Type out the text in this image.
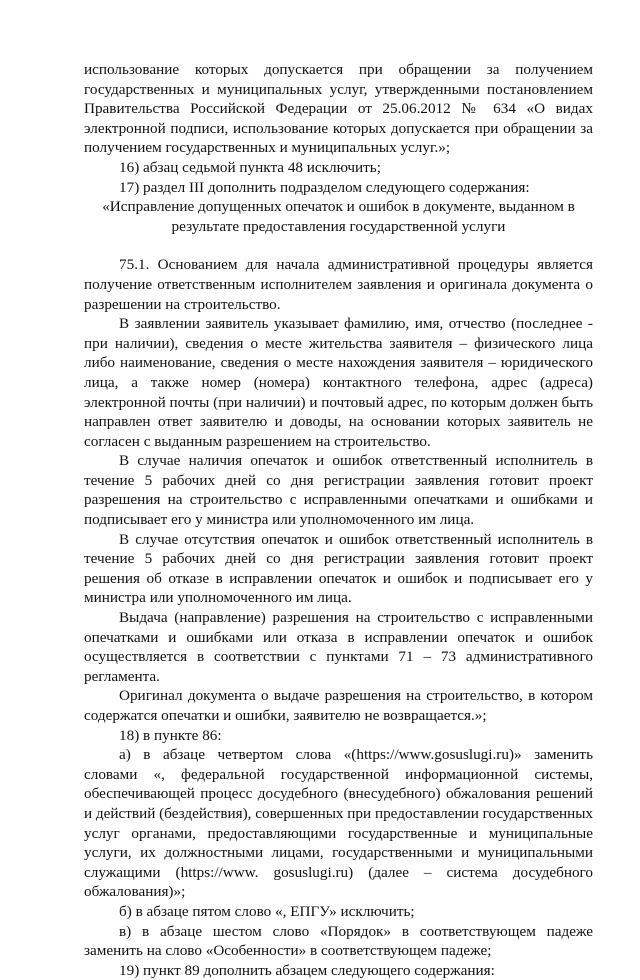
использование которых допускается при обращении за получением государственных и муниципальных услуг, утвержденными постановлением Правительства Российской Федерации от 25.06.2012 № 634 «О видах электронной подписи, использование которых допускается при обращении за получением государственных и муниципальных услуг.»;

16) абзац седьмой пункта 48 исключить;

17) раздел III дополнить подразделом следующего содержания:

«Исправление допущенных опечаток и ошибок в документе, выданном в результате предоставления государственной услуги

75.1. Основанием для начала административной процедуры является получение ответственным исполнителем заявления и оригинала документа о разрешении на строительство.

В заявлении заявитель указывает фамилию, имя, отчество (последнее - при наличии), сведения о месте жительства заявителя – физического лица либо наименование, сведения о месте нахождения заявителя – юридического лица, а также номер (номера) контактного телефона, адрес (адреса) электронной почты (при наличии) и почтовый адрес, по которым должен быть направлен ответ заявителю и доводы, на основании которых заявитель не согласен с выданным разрешением на строительство.

В случае наличия опечаток и ошибок ответственный исполнитель в течение 5 рабочих дней со дня регистрации заявления готовит проект разрешения на строительство с исправленными опечатками и ошибками и подписывает его у министра или уполномоченного им лица.

В случае отсутствия опечаток и ошибок ответственный исполнитель в течение 5 рабочих дней со дня регистрации заявления готовит проект решения об отказе в исправлении опечаток и ошибок и подписывает его у министра или уполномоченного им лица.

Выдача (направление) разрешения на строительство с исправленными опечатками и ошибками или отказа в исправлении опечаток и ошибок осуществляется в соответствии с пунктами 71 – 73 административного регламента.

Оригинал документа о выдаче разрешения на строительство, в котором содержатся опечатки и ошибки, заявителю не возвращается.»;

18) в пункте 86:

а) в абзаце четвертом слова «(https://www.gosuslugi.ru)» заменить словами «, федеральной государственной информационной системы, обеспечивающей процесс досудебного (внесудебного) обжалования решений и действий (бездействия), совершенных при предоставлении государственных услуг органами, предоставляющими государственные и муниципальные услуги, их должностными лицами, государственными и муниципальными служащими (https://www. gosuslugi.ru) (далее – система досудебного обжалования)»;

б) в абзаце пятом слово «, ЕПГУ» исключить;

в) в абзаце шестом слово «Порядок» в соответствующем падеже заменить на слово «Особенности» в соответствующем падеже;

19) пункт 89 дополнить абзацем следующего содержания:
